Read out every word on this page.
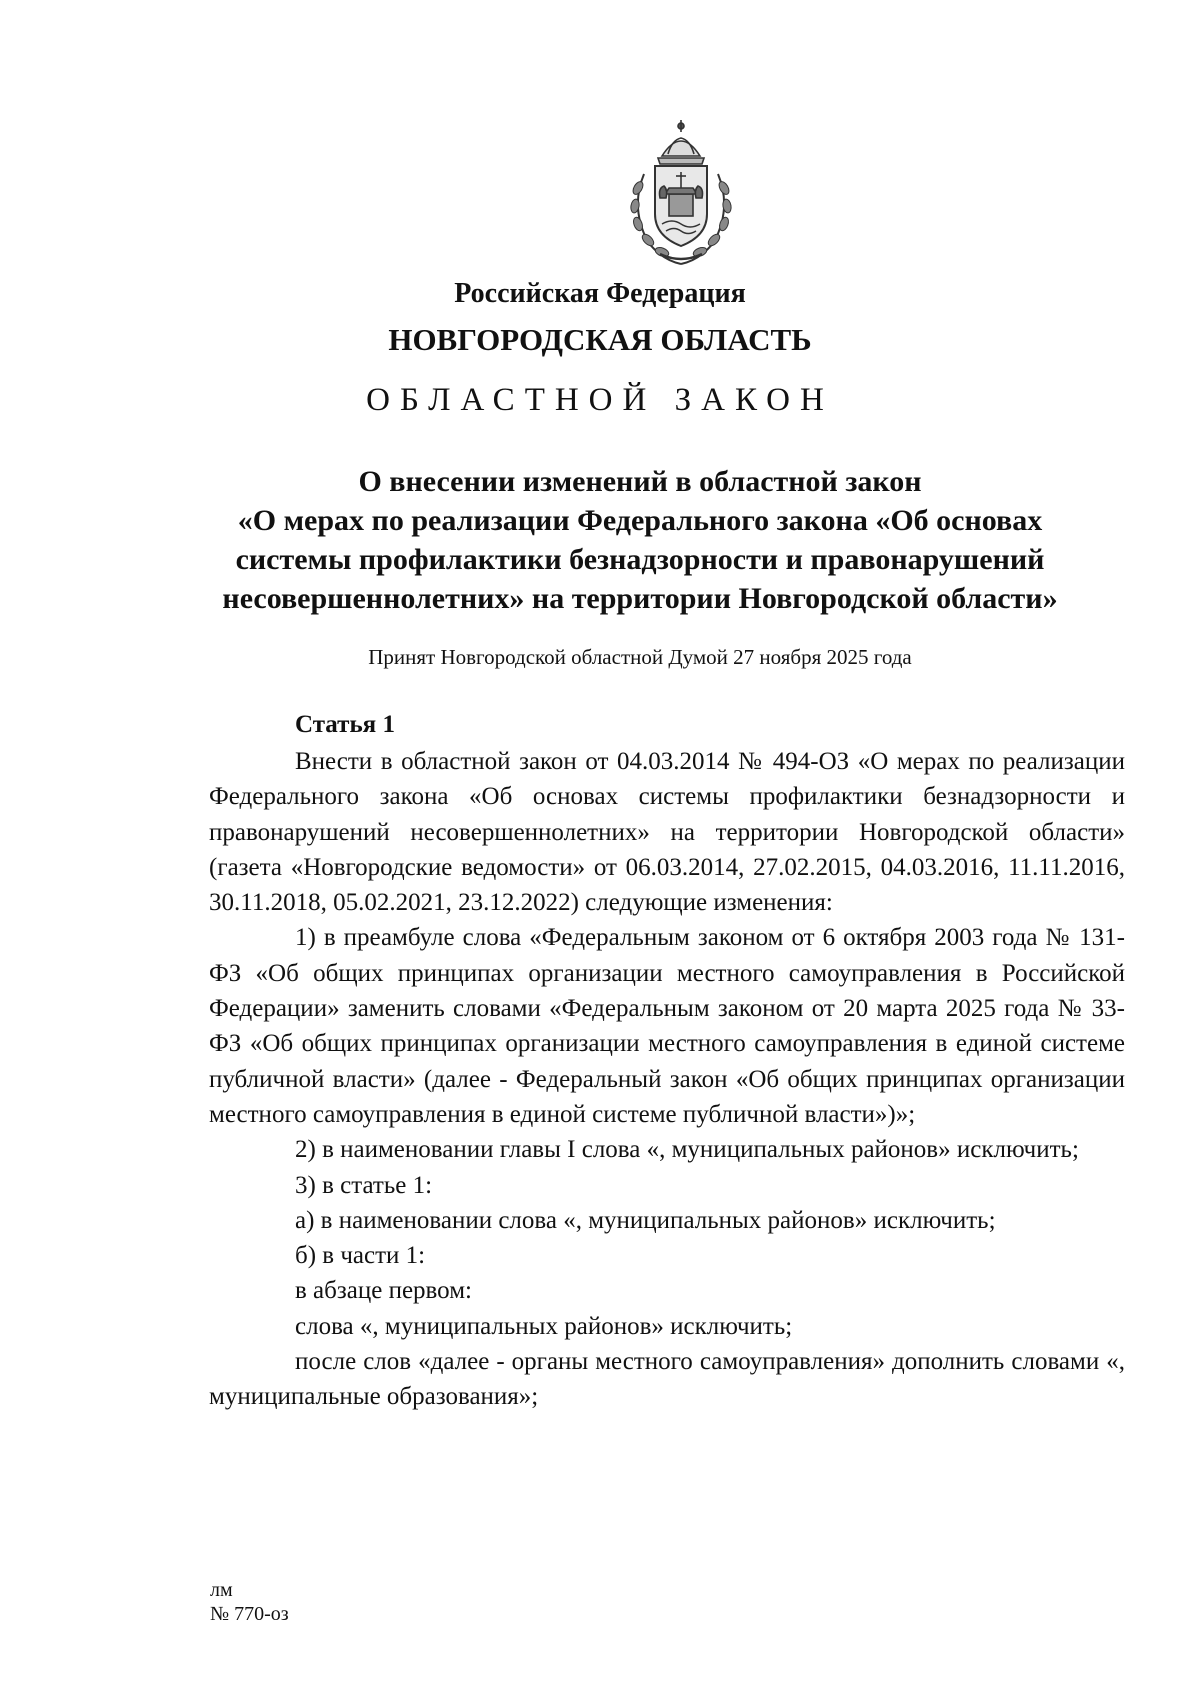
Российская Федерация
НОВГОРОДСКАЯ ОБЛАСТЬ
ОБЛАСТНОЙ ЗАКОН
О внесении изменений в областной закон
«О мерах по реализации Федерального закона «Об основах
системы профилактики безнадзорности и правонарушений
несовершеннолетних» на территории Новгородской области»
Принят Новгородской областной Думой 27 ноября 2025 года
Статья 1

Внести в областной закон от 04.03.2014 № 494-ОЗ «О мерах по реализации Федерального закона «Об основах системы профилактики безнадзорности и правонарушений несовершеннолетних» на территории Новгородской области» (газета «Новгородские ведомости» от 06.03.2014, 27.02.2015, 04.03.2016, 11.11.2016, 30.11.2018, 05.02.2021, 23.12.2022) следующие изменения:

1) в преамбуле слова «Федеральным законом от 6 октября 2003 года № 131-ФЗ «Об общих принципах организации местного самоуправления в Российской Федерации» заменить словами «Федеральным законом от 20 марта 2025 года № 33-ФЗ «Об общих принципах организации местного самоуправления в единой системе публичной власти» (далее - Федеральный закон «Об общих принципах организации местного самоуправления в единой системе публичной власти»)»;

2) в наименовании главы I слова «, муниципальных районов» исключить;

3) в статье 1:

а) в наименовании слова «, муниципальных районов» исключить;

б) в части 1:

в абзаце первом:

слова «, муниципальных районов» исключить;

после слов «далее - органы местного самоуправления» дополнить словами «, муниципальные образования»;

лм
№ 770-оз
